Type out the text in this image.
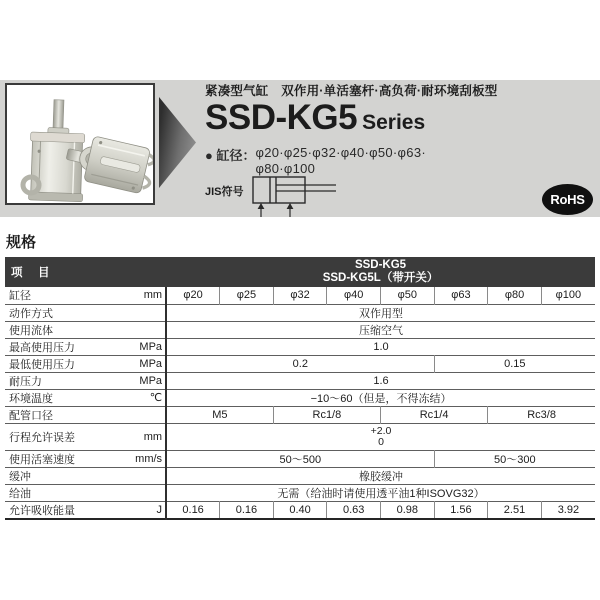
紧凑型气缸　双作用·单活塞杆·高负荷·耐环境刮板型
SSD-KG5 Series
● 缸径： φ20·φ25·φ32·φ40·φ50·φ63·
φ80·φ100
JIS符号	RoHS
规格
项　目	SSD-KG5
SSD-KG5L（带开关）							

缸径 mm	φ20	φ25	φ32	φ40	φ50	φ63	φ80	φ100

动作方式	双作用型							

使用流体	压缩空气							

最高使用压力 MPa	1.0							

最低使用压力 MPa	0.2					0.15		

耐压力 MPa	1.6							

环境温度 ℃	−10～60（但是，不得冻结）							

配管口径	M5		Rc1/8		Rc1/4		Rc3/8	

行程允许误差	mm	+2.0
0

使用活塞速度 mm/s	50～500					50～300		

缓冲	橡胶缓冲							

给油	无需（给油时请使用透平油1种ISOVG32）							

允许吸收能量 J	0.16	0.16	0.40	0.63	0.98	1.56	2.51	3.92
